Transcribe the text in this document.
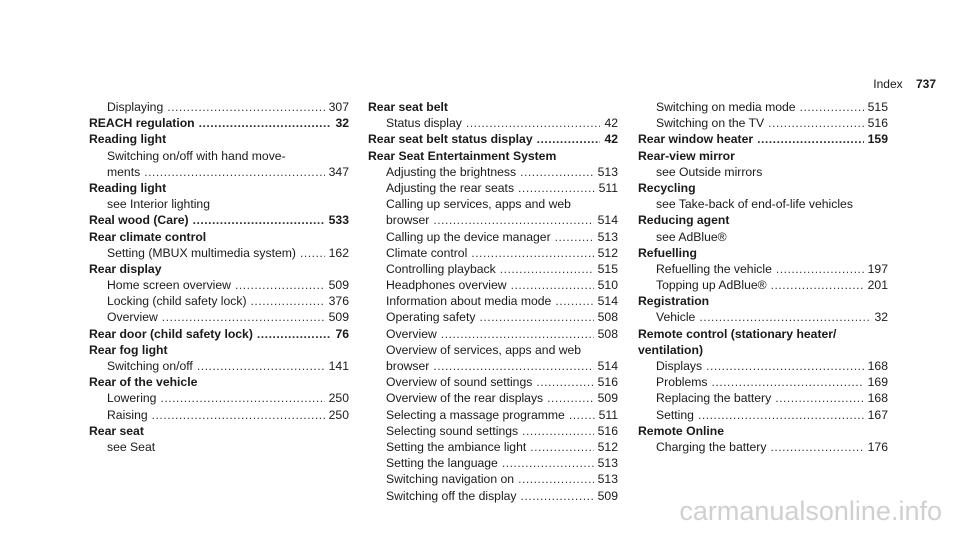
Index 737
Displaying .....	307
REACH regulation .....	32
Reading light
Switching on/off with hand move-
ments .....	347
Reading light
see Interior lighting
Real wood (Care) .....	533
Rear climate control
Setting (MBUX multimedia system) .....	162
Rear display
Home screen overview .....	509
Locking (child safety lock) .....	376
Overview .....	509
Rear door (child safety lock) .....	76
Rear fog light
Switching on/off .....	141
Rear of the vehicle
Lowering .....	250
Raising .....	250
Rear seat
see Seat
Rear seat belt
Status display .....	42
Rear seat belt status display .....	42
Rear Seat Entertainment System
Adjusting the brightness .....	513
Adjusting the rear seats .....	511
Calling up services, apps and web
browser .....	514
Calling up the device manager .....	513
Climate control .....	512
Controlling playback .....	515
Headphones overview .....	510
Information about media mode .....	514
Operating safety .....	508
Overview .....	508
Overview of services, apps and web
browser .....	514
Overview of sound settings .....	516
Overview of the rear displays .....	509
Selecting a massage programme .....	511
Selecting sound settings .....	516
Setting the ambiance light .....	512
Setting the language .....	513
Switching navigation on .....	513
Switching off the display .....	509
Switching on media mode .....	515
Switching on the TV .....	516
Rear window heater .....	159
Rear-view mirror
see Outside mirrors
Recycling
see Take-back of end-of-life vehicles
Reducing agent
see AdBlue®
Refuelling
Refuelling the vehicle .....	197
Topping up AdBlue® .....	201
Registration
Vehicle .....	32
Remote control (stationary heater/
ventilation)
Displays .....	168
Problems .....	169
Replacing the battery .....	168
Setting .....	167
Remote Online
Charging the battery .....	176
carmanualsonline.info
